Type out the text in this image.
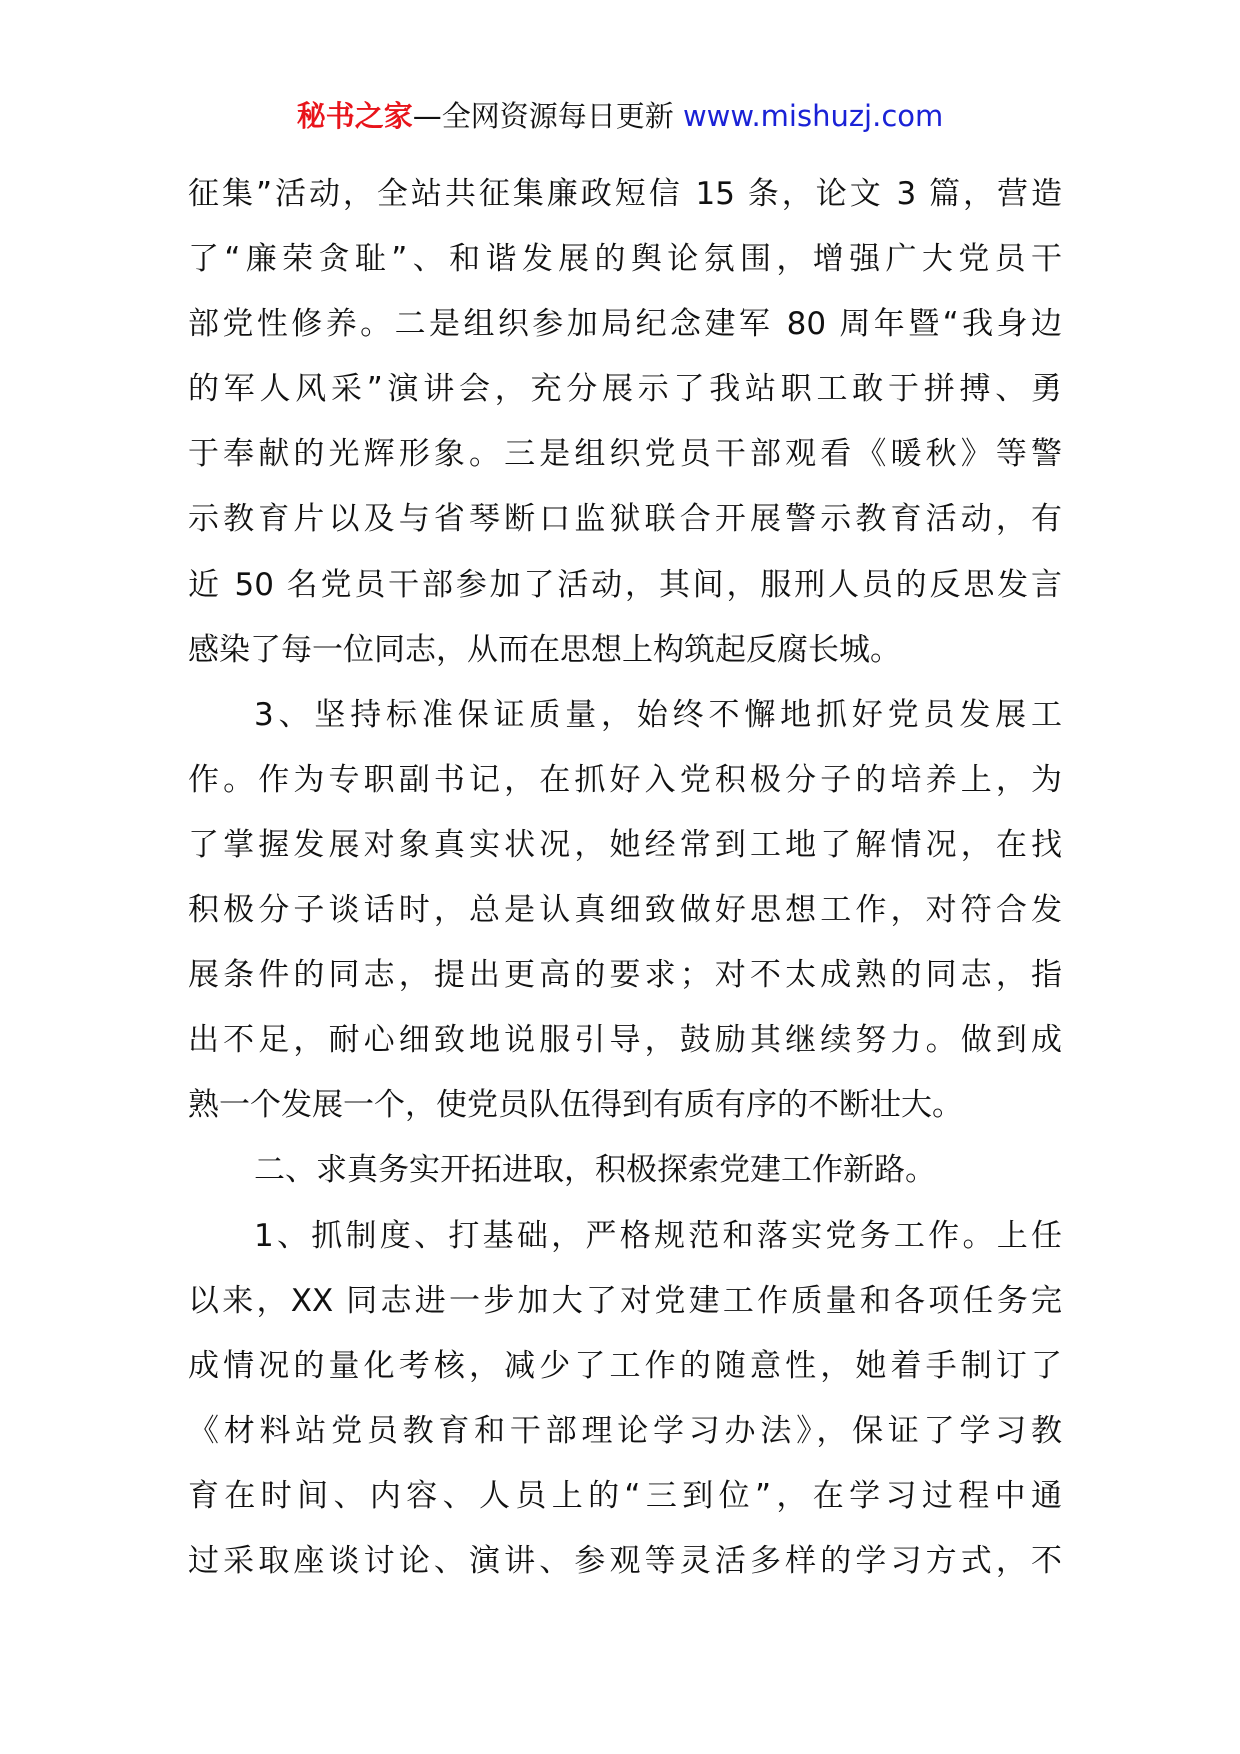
秘书之家—全网资源每日更新 www.mishuzj.com
征集”活动，全站共征集廉政短信 15 条，论文 3 篇，营造
了“廉荣贪耻”、和谐发展的舆论氛围，增强广大党员干
部党性修养。二是组织参加局纪念建军 80 周年暨“我身边
的军人风采”演讲会，充分展示了我站职工敢于拼搏、勇
于奉献的光辉形象。三是组织党员干部观看《暖秋》等警
示教育片以及与省琴断口监狱联合开展警示教育活动，有
近 50 名党员干部参加了活动，其间，服刑人员的反思发言
感染了每一位同志，从而在思想上构筑起反腐长城。
3、坚持标准保证质量，始终不懈地抓好党员发展工
作。作为专职副书记，在抓好入党积极分子的培养上，为
了掌握发展对象真实状况，她经常到工地了解情况，在找
积极分子谈话时，总是认真细致做好思想工作，对符合发
展条件的同志，提出更高的要求；对不太成熟的同志，指
出不足，耐心细致地说服引导，鼓励其继续努力。做到成
熟一个发展一个，使党员队伍得到有质有序的不断壮大。
二、求真务实开拓进取，积极探索党建工作新路。
1、抓制度、打基础，严格规范和落实党务工作。上任
以来，XX 同志进一步加大了对党建工作质量和各项任务完
成情况的量化考核，减少了工作的随意性，她着手制订了
《材料站党员教育和干部理论学习办法》，保证了学习教
育在时间、内容、人员上的“三到位”，在学习过程中通
过采取座谈讨论、演讲、参观等灵活多样的学习方式，不
